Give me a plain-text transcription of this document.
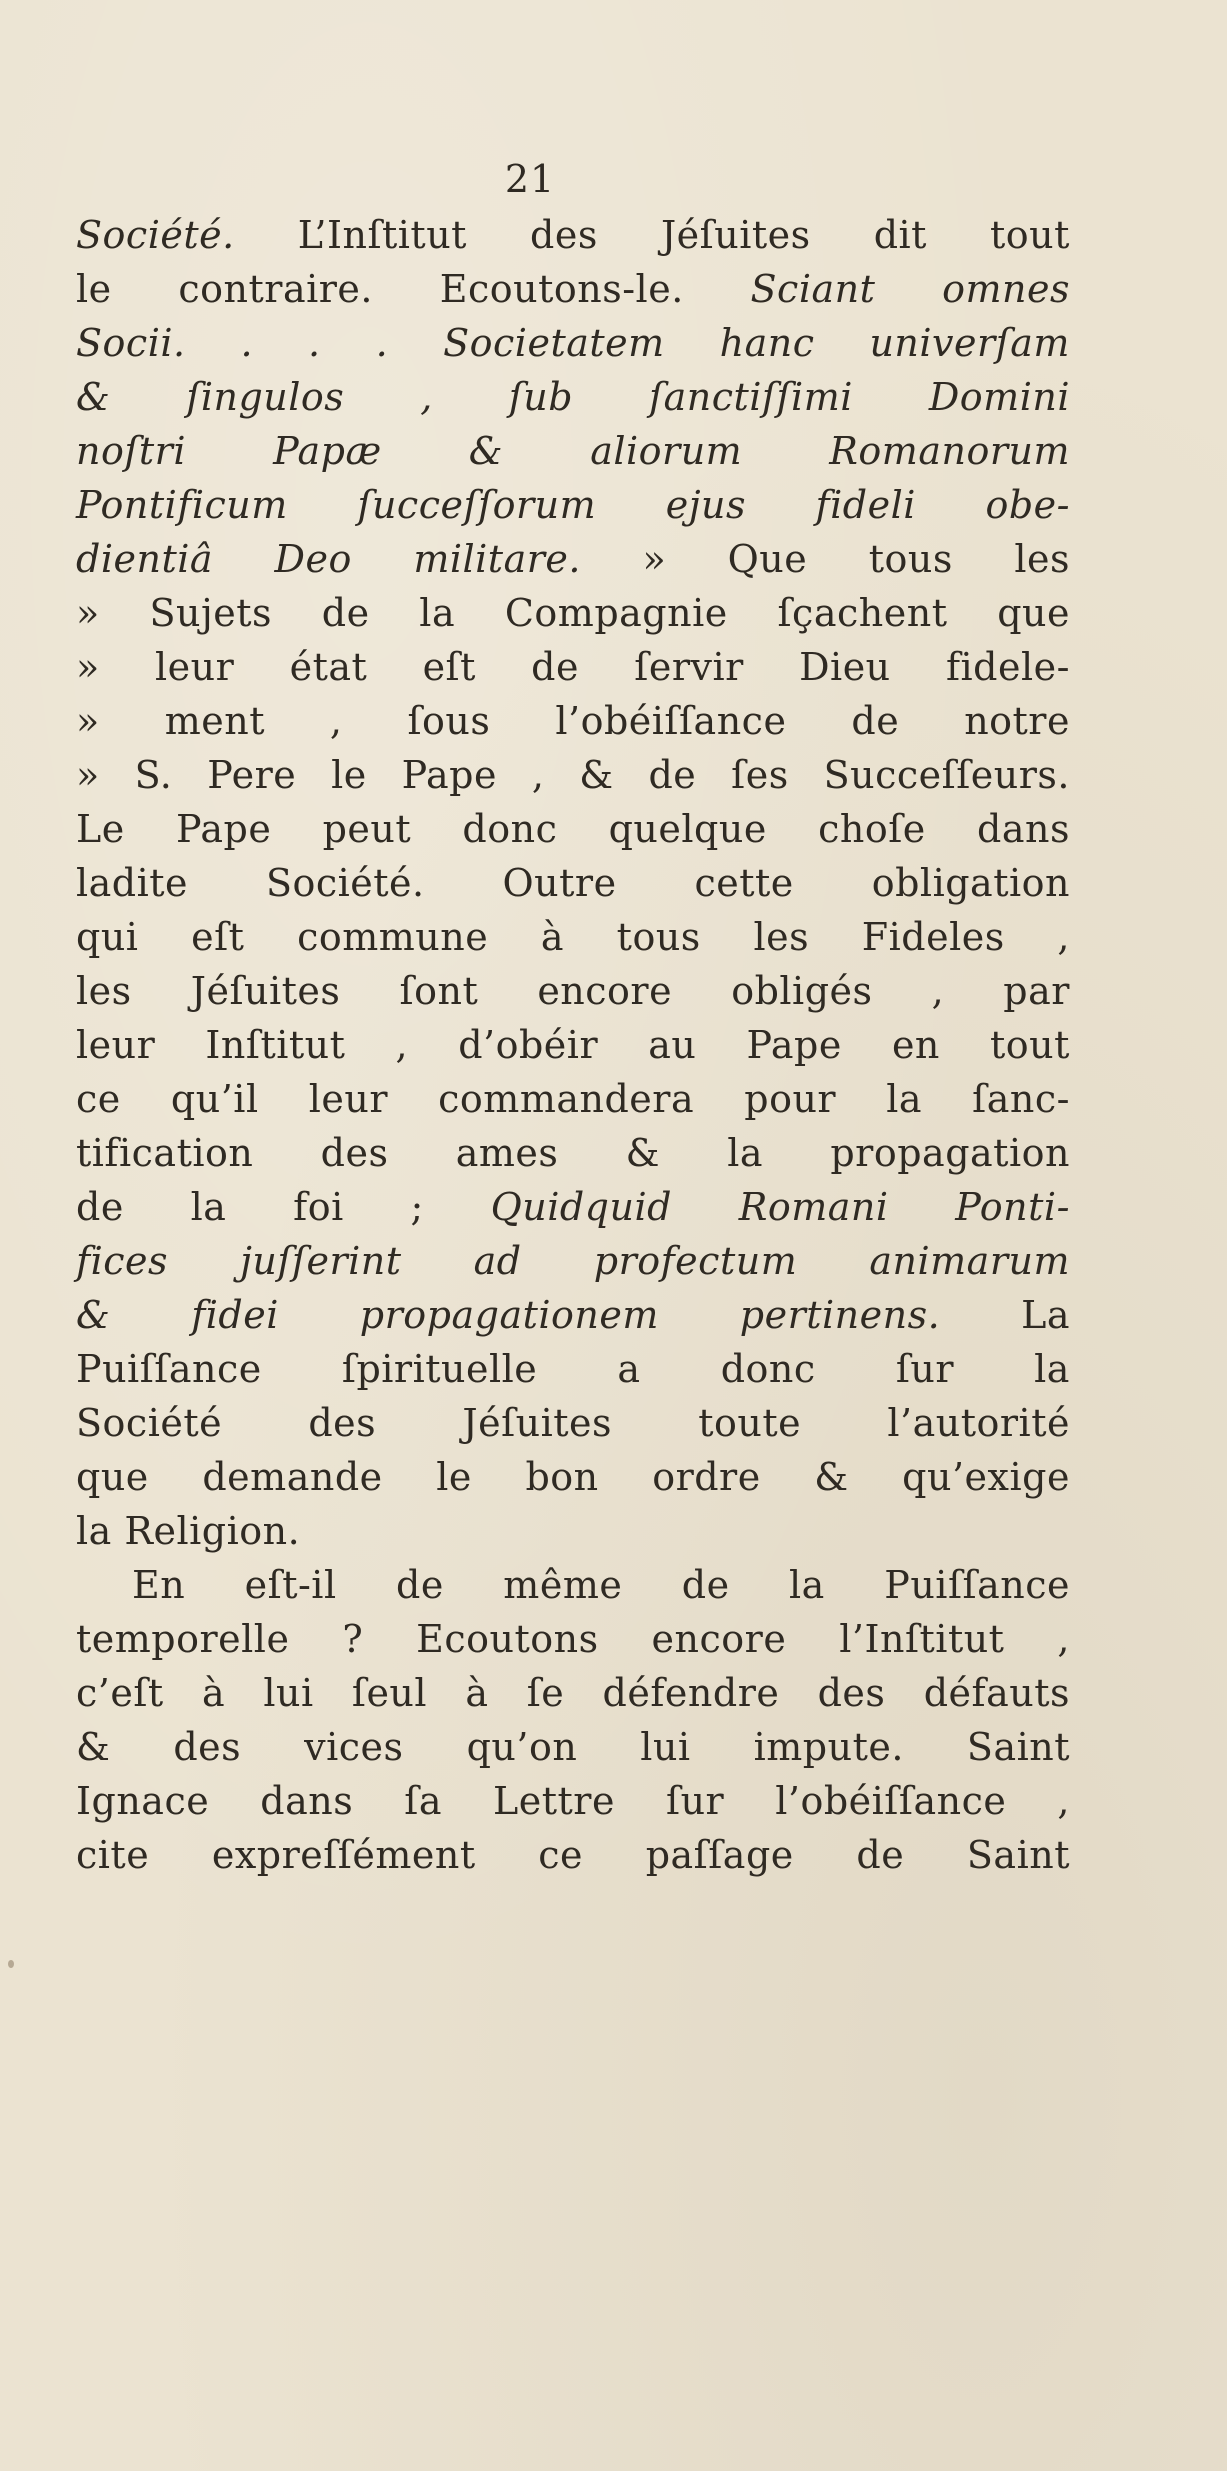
21
Société. L’Inſtitut des Jéſuites dit tout
le contraire. Ecoutons-le. Sciant omnes
Socii. . . . Societatem hanc univerſam
& ſingulos , ſub ſanctiſſimi Domini
noſtri Papæ & aliorum Romanorum
Pontificum ſucceſſorum ejus fideli obe-
dientiâ Deo militare. » Que tous les
» Sujets de la Compagnie ſçachent que
» leur état eſt de ſervir Dieu fidele-
» ment , ſous l’obéiſſance de notre
» S. Pere le Pape , & de ſes Succeſſeurs.
Le Pape peut donc quelque choſe dans
ladite Société. Outre cette obligation
qui eſt commune à tous les Fideles ,
les Jéſuites ſont encore obligés , par
leur Inſtitut , d’obéir au Pape en tout
ce qu’il leur commandera pour la ſanc-
tification des ames & la propagation
de la foi ; Quidquid Romani Ponti-
fices juſſerint ad profectum animarum
& fidei propagationem pertinens. La
Puiſſance ſpirituelle a donc ſur la
Société des Jéſuites toute l’autorité
que demande le bon ordre & qu’exige
la Religion.
En eſt-il de même de la Puiſſance
temporelle ? Ecoutons encore l’Inſtitut ,
c’eſt à lui ſeul à ſe défendre des défauts
& des vices qu’on lui impute. Saint
Ignace dans ſa Lettre ſur l’obéiſſance ,
cite expreſſément ce paſſage de Saint
